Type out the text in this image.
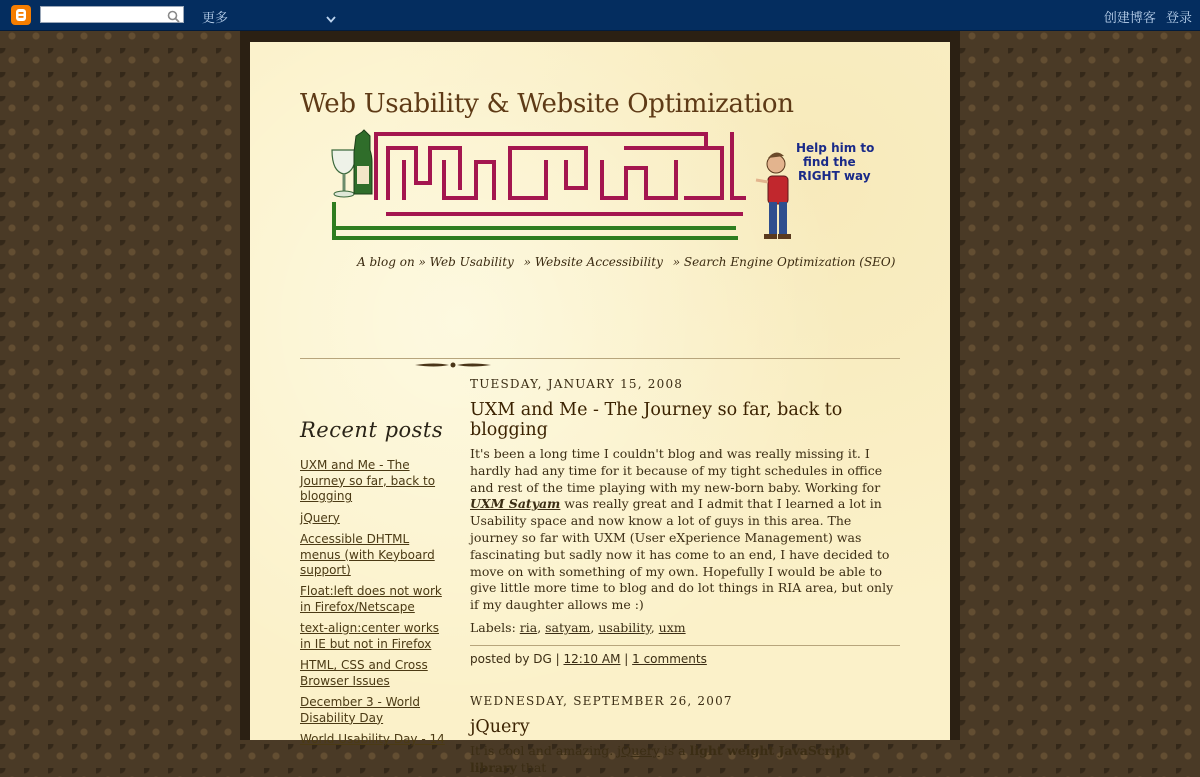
更多	创建博客 登录
Web Usability & Website Optimization
Help him to
find the
RIGHT way
A blog on » Web Usability » Website Accessibility » Search Engine Optimization (SEO)
Recent posts
UXM and Me - The Journey so far, back to blogging
jQuery
Accessible DHTML menus (with Keyboard support)
Float:left does not work in Firefox/Netscape
text-align:center works in IE but not in Firefox
HTML, CSS and Cross Browser Issues
December 3 - World Disability Day
World Usability Day - 14
TUESDAY, JANUARY 15, 2008
UXM and Me - The Journey so far, back to blogging
It's been a long time I couldn't blog and was really missing it. I hardly had any time for it because of my tight schedules in office and rest of the time playing with my new-born baby. Working for UXM Satyam was really great and I admit that I learned a lot in Usability space and now know a lot of guys in this area. The journey so far with UXM (User eXperience Management) was fascinating but sadly now it has come to an end, I have decided to move on with something of my own. Hopefully I would be able to give little more time to blog and do lot things in RIA area, but only if my daughter allows me :)
Labels: ria, satyam, usability, uxm
posted by DG | 12:10 AM | 1 comments
WEDNESDAY, SEPTEMBER 26, 2007
jQuery
It is cool and amazing. jQuery is a light weight JavaScript library that
